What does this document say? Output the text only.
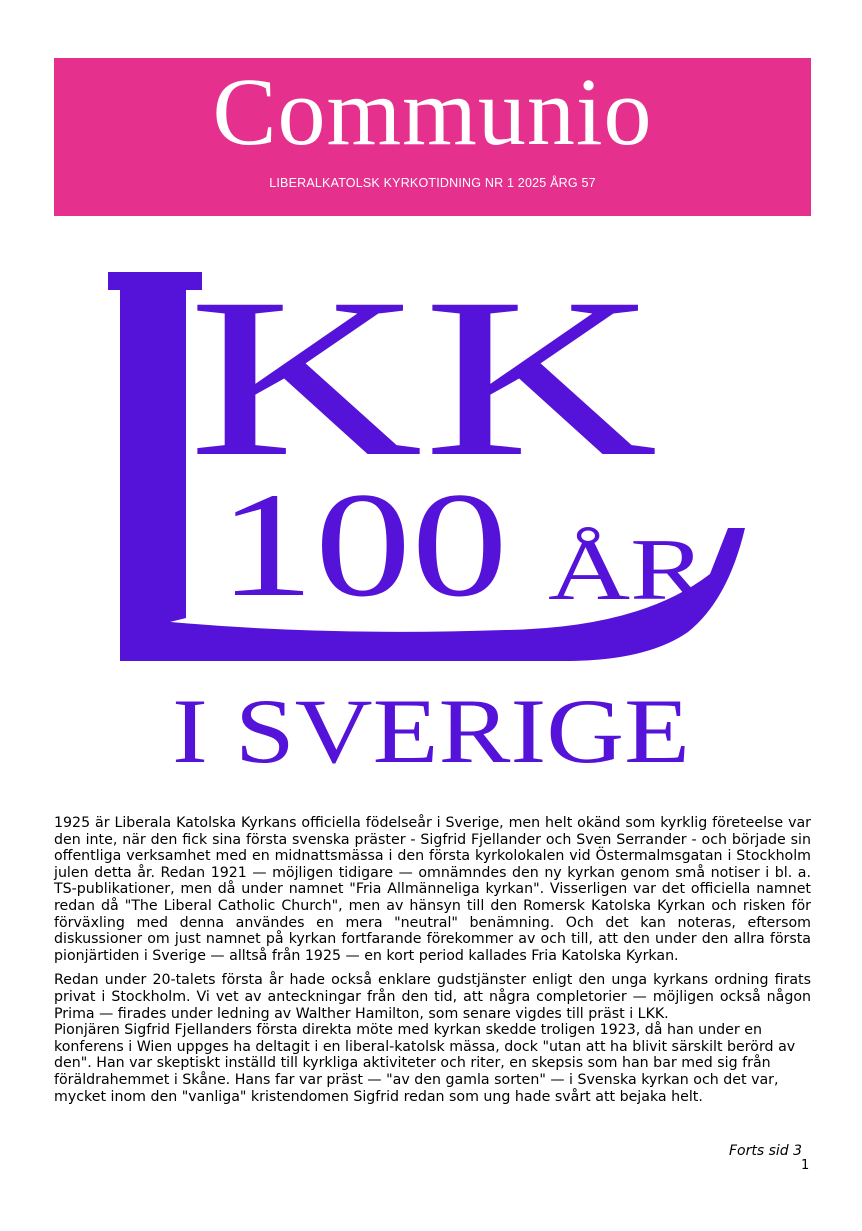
Communio
LIBERALKATOLSK KYRKOTIDNING NR 1 2025 ÅRG 57
KK
100 ÅR
I SVERIGE

1925 är Liberala Katolska Kyrkans officiella födelseår i Sverige, men helt okänd som kyrklig företeelse var den inte, när den fick sina första svenska präster - Sigfrid Fjellander och Sven Serrander - och började sin offentliga verksamhet med en midnattsmässa i den första kyrkolokalen vid Östermalmsgatan i Stockholm julen detta år. Redan 1921 — möjligen tidigare — omnämndes den ny kyrkan genom små notiser i bl. a. TS-publikationer, men då under namnet "Fria Allmänneliga kyrkan". Visserligen var det officiella namnet redan då "The Liberal Catholic Church", men av hänsyn till den Romersk Katolska Kyrkan och risken för förväxling med denna användes en mera "neutral" benämning. Och det kan noteras, eftersom diskussioner om just namnet på kyrkan fortfarande förekommer av och till, att den under den allra första pionjärtiden i Sverige — alltså från 1925 — en kort period kallades Fria Katolska Kyrkan.

Redan under 20-talets första år hade också enklare gudstjänster enligt den unga kyrkans ordning firats privat i Stockholm. Vi vet av anteckningar från den tid, att några completorier — möjligen också någon Prima — firades under ledning av Walther Hamilton, som senare vigdes till präst i LKK.

Pionjären Sigfrid Fjellanders första direkta möte med kyrkan skedde troligen 1923, då han under en konferens i Wien uppges ha deltagit i en liberal-katolsk mässa, dock "utan att ha blivit särskilt berörd av den". Han var skeptiskt inställd till kyrkliga aktiviteter och riter, en skepsis som han bar med sig från föräldrahemmet i Skåne. Hans far var präst — "av den gamla sorten" — i Svenska kyrkan och det var, mycket inom den "vanliga" kristendomen Sigfrid redan som ung hade svårt att bejaka helt.

Forts sid 3
1
